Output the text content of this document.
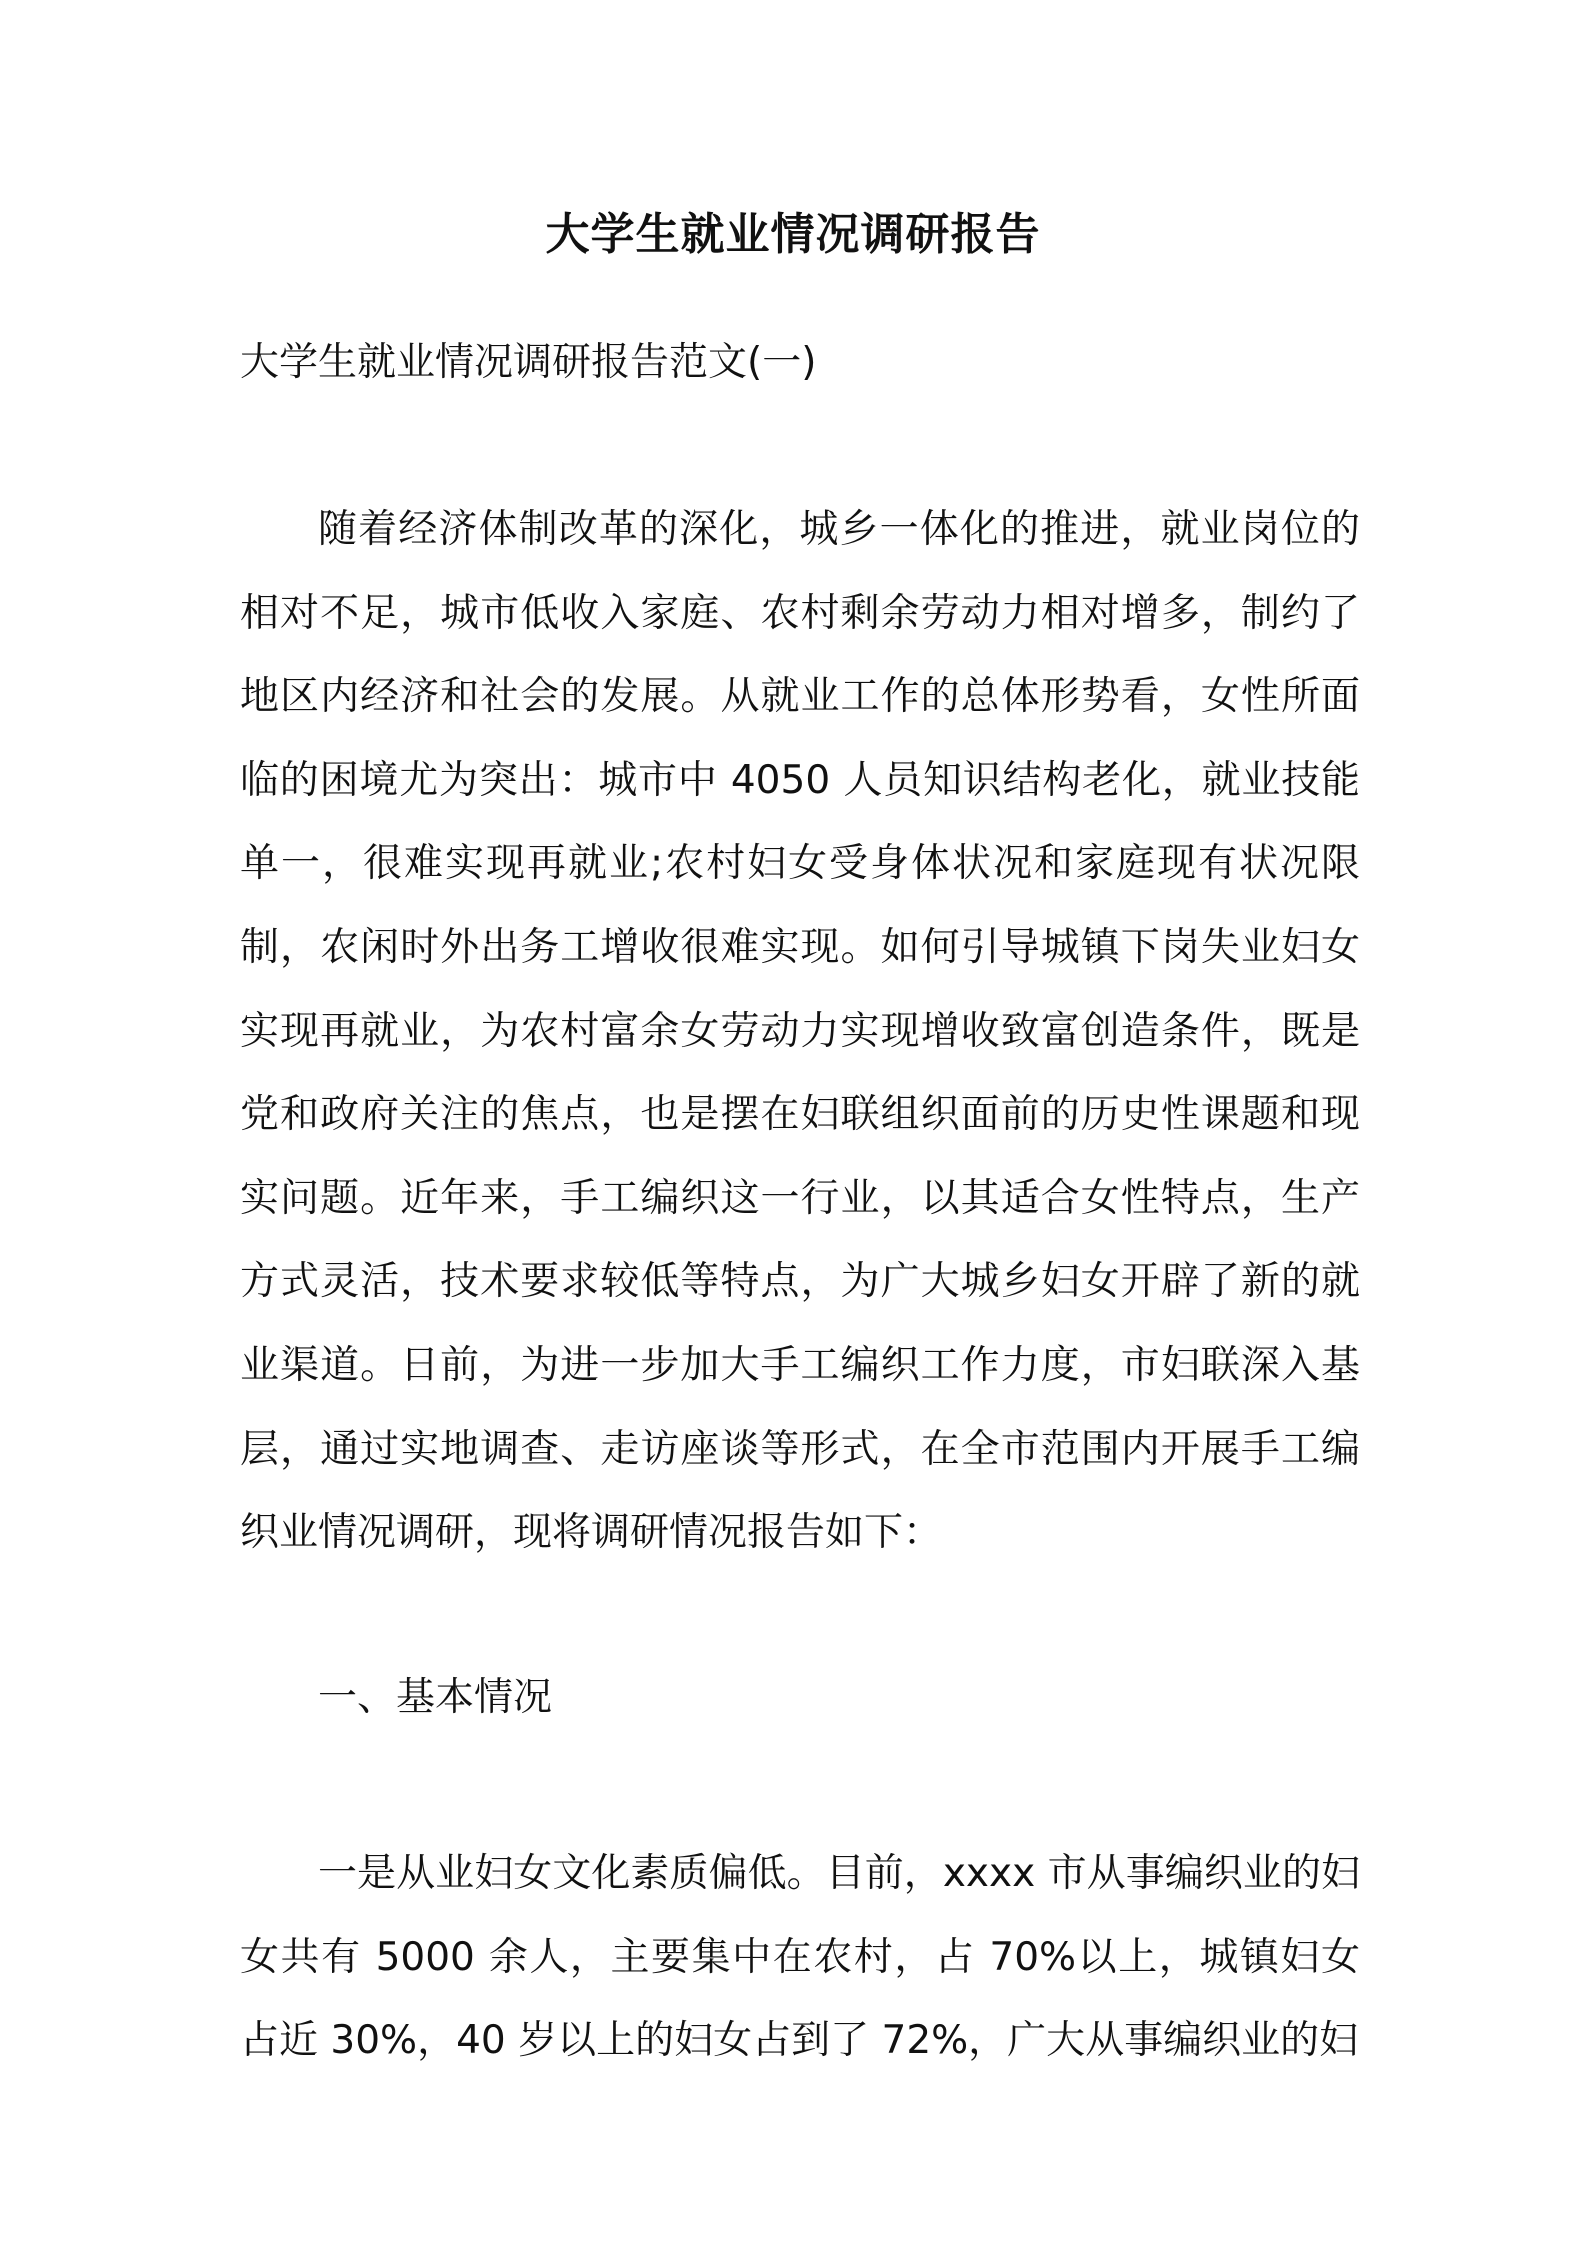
大学生就业情况调研报告

大学生就业情况调研报告范文(一)

随着经济体制改革的深化，城乡一体化的推进，就业岗位的相对不足，城市低收入家庭、农村剩余劳动力相对增多，制约了地区内经济和社会的发展。从就业工作的总体形势看，女性所面临的困境尤为突出：城市中 4050 人员知识结构老化，就业技能单一，很难实现再就业;农村妇女受身体状况和家庭现有状况限制，农闲时外出务工增收很难实现。如何引导城镇下岗失业妇女实现再就业，为农村富余女劳动力实现增收致富创造条件，既是党和政府关注的焦点，也是摆在妇联组织面前的历史性课题和现实问题。近年来，手工编织这一行业，以其适合女性特点，生产方式灵活，技术要求较低等特点，为广大城乡妇女开辟了新的就业渠道。日前，为进一步加大手工编织工作力度，市妇联深入基层，通过实地调查、走访座谈等形式，在全市范围内开展手工编织业情况调研，现将调研情况报告如下：

一、基本情况

一是从业妇女文化素质偏低。目前，xxxx 市从事编织业的妇女共有 5000 余人，主要集中在农村，占 70%以上，城镇妇女占近 30%，40 岁以上的妇女占到了 72%，广大从事编织业的妇
